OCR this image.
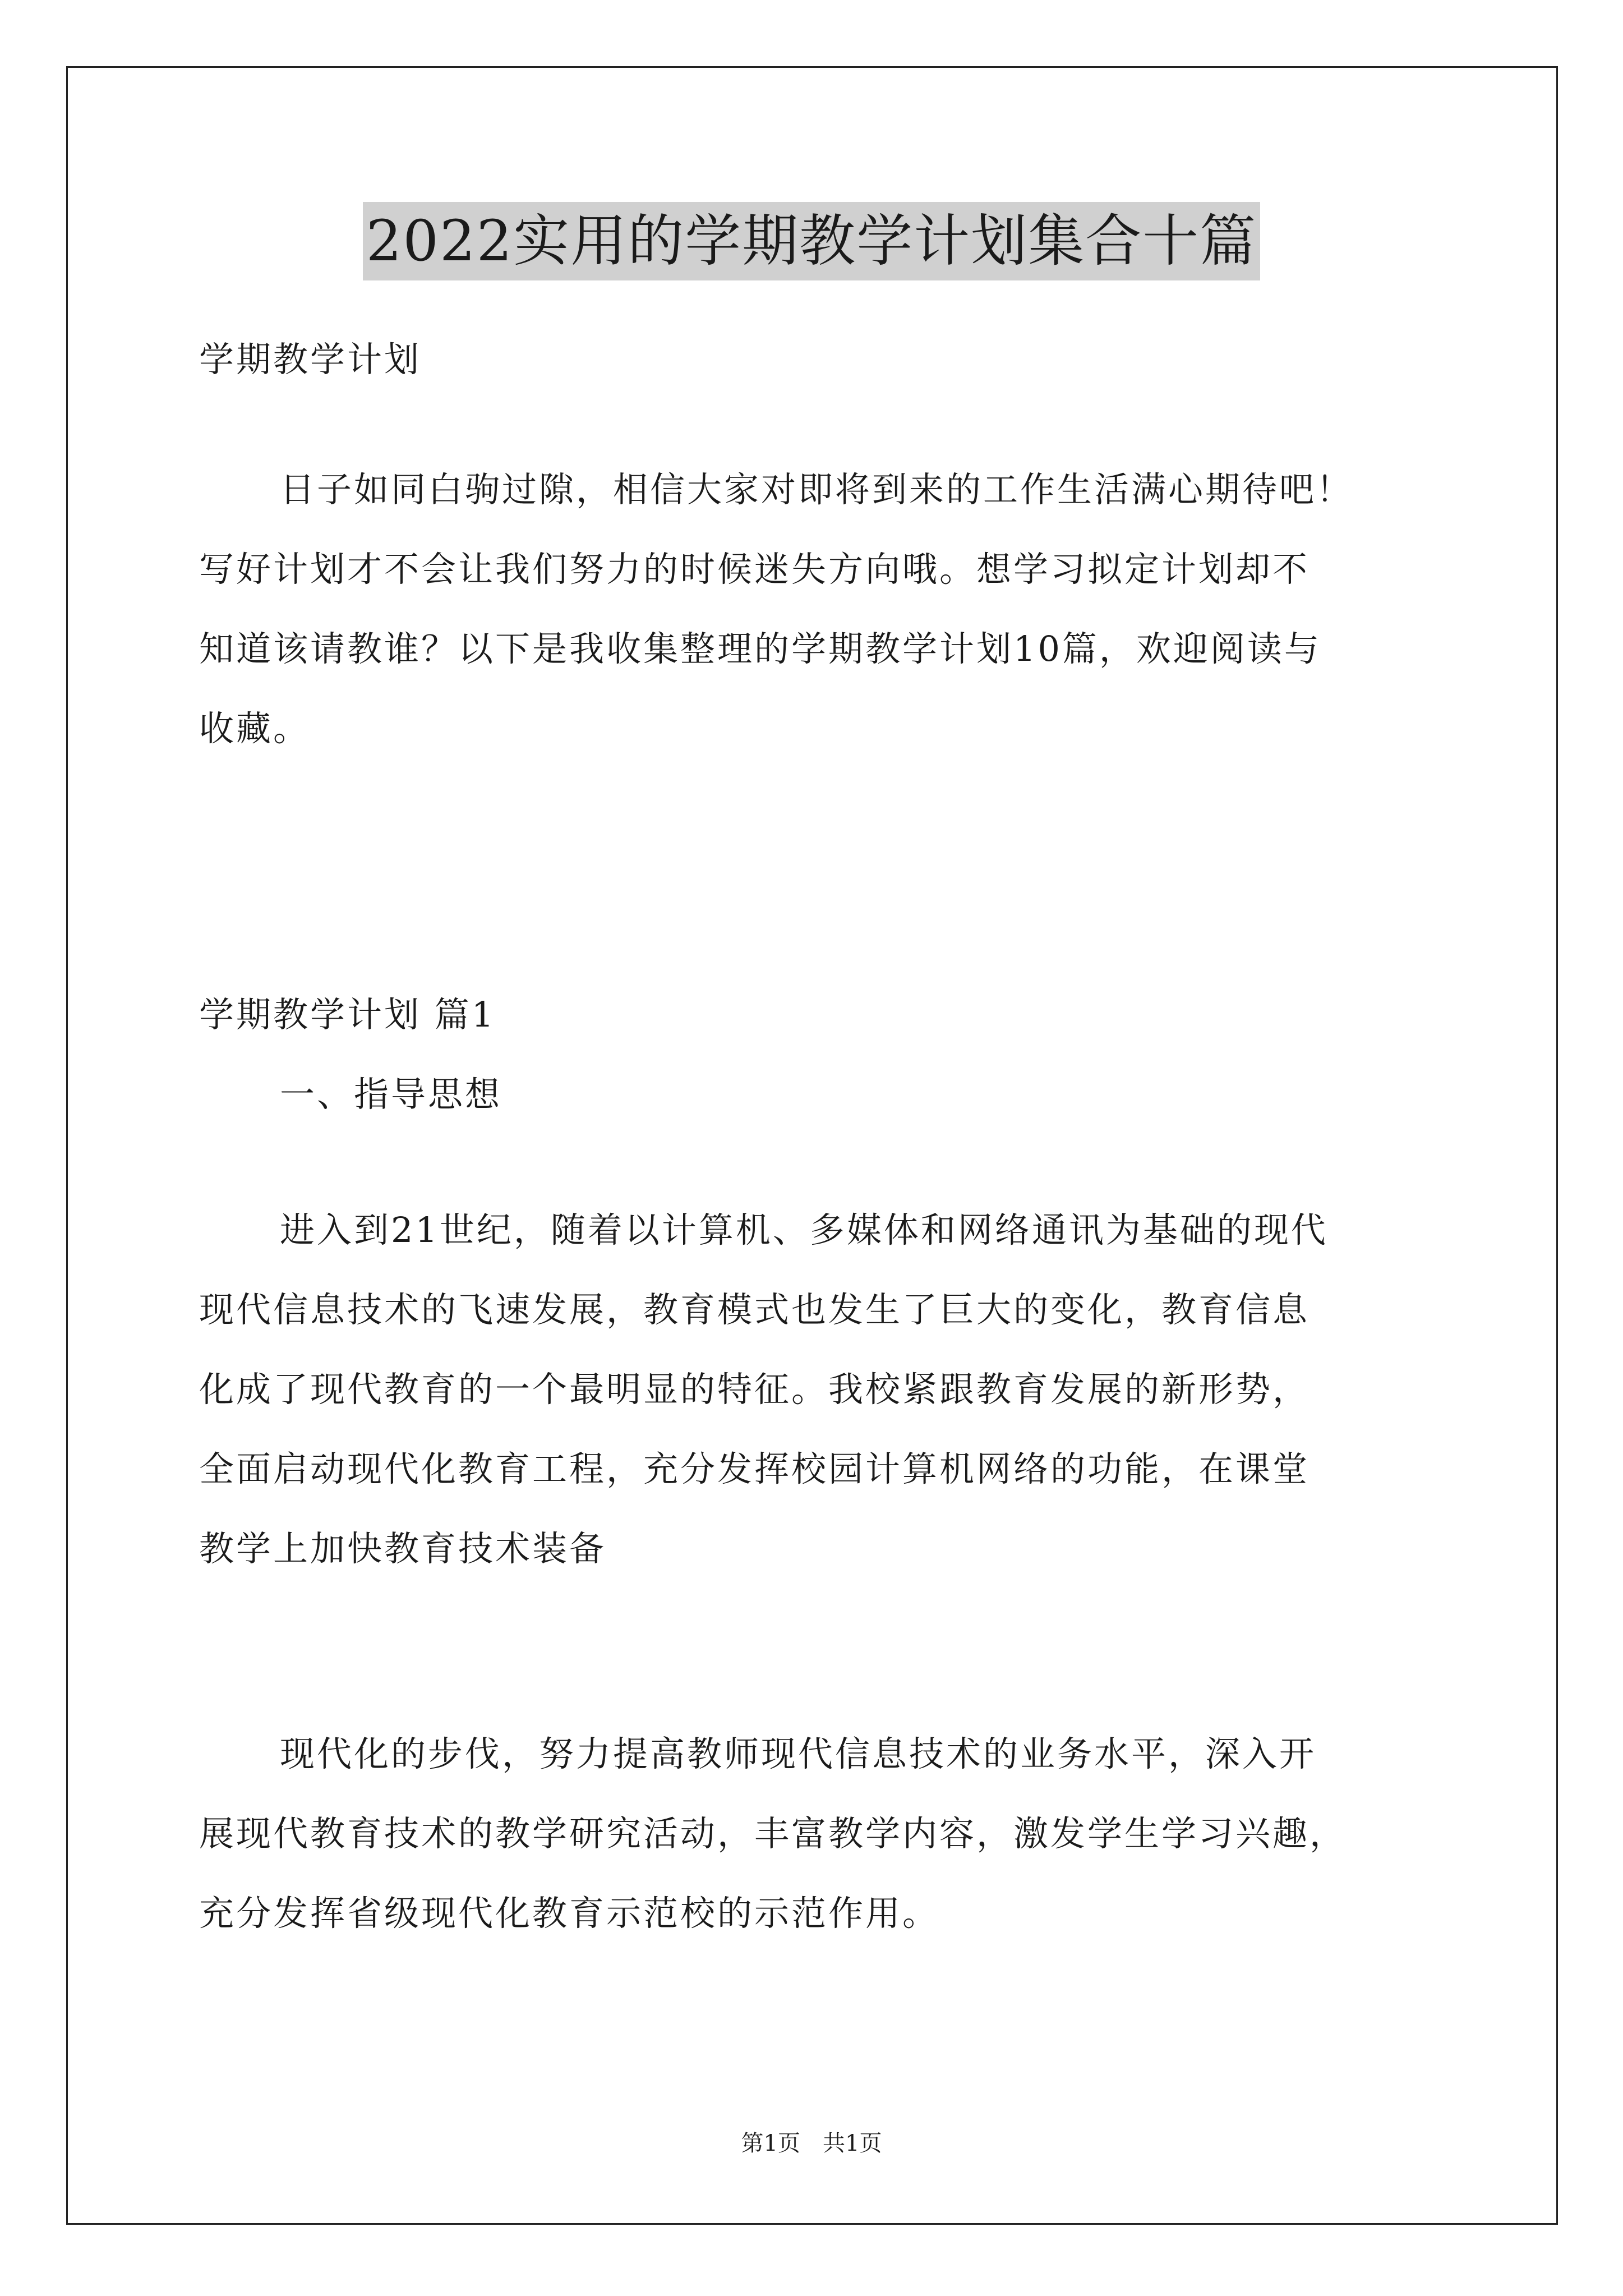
2022实用的学期教学计划集合十篇
学期教学计划
日子如同白驹过隙，相信大家对即将到来的工作生活满心期待吧！
写好计划才不会让我们努力的时候迷失方向哦。想学习拟定计划却不
知道该请教谁？以下是我收集整理的学期教学计划10篇，欢迎阅读与
收藏。
学期教学计划 篇1
一、指导思想
进入到21世纪，随着以计算机、多媒体和网络通讯为基础的现代
现代信息技术的飞速发展，教育模式也发生了巨大的变化，教育信息
化成了现代教育的一个最明显的特征。我校紧跟教育发展的新形势，
全面启动现代化教育工程，充分发挥校园计算机网络的功能，在课堂
教学上加快教育技术装备
现代化的步伐，努力提高教师现代信息技术的业务水平，深入开
展现代教育技术的教学研究活动，丰富教学内容，激发学生学习兴趣，
充分发挥省级现代化教育示范校的示范作用。
第1页 共1页
